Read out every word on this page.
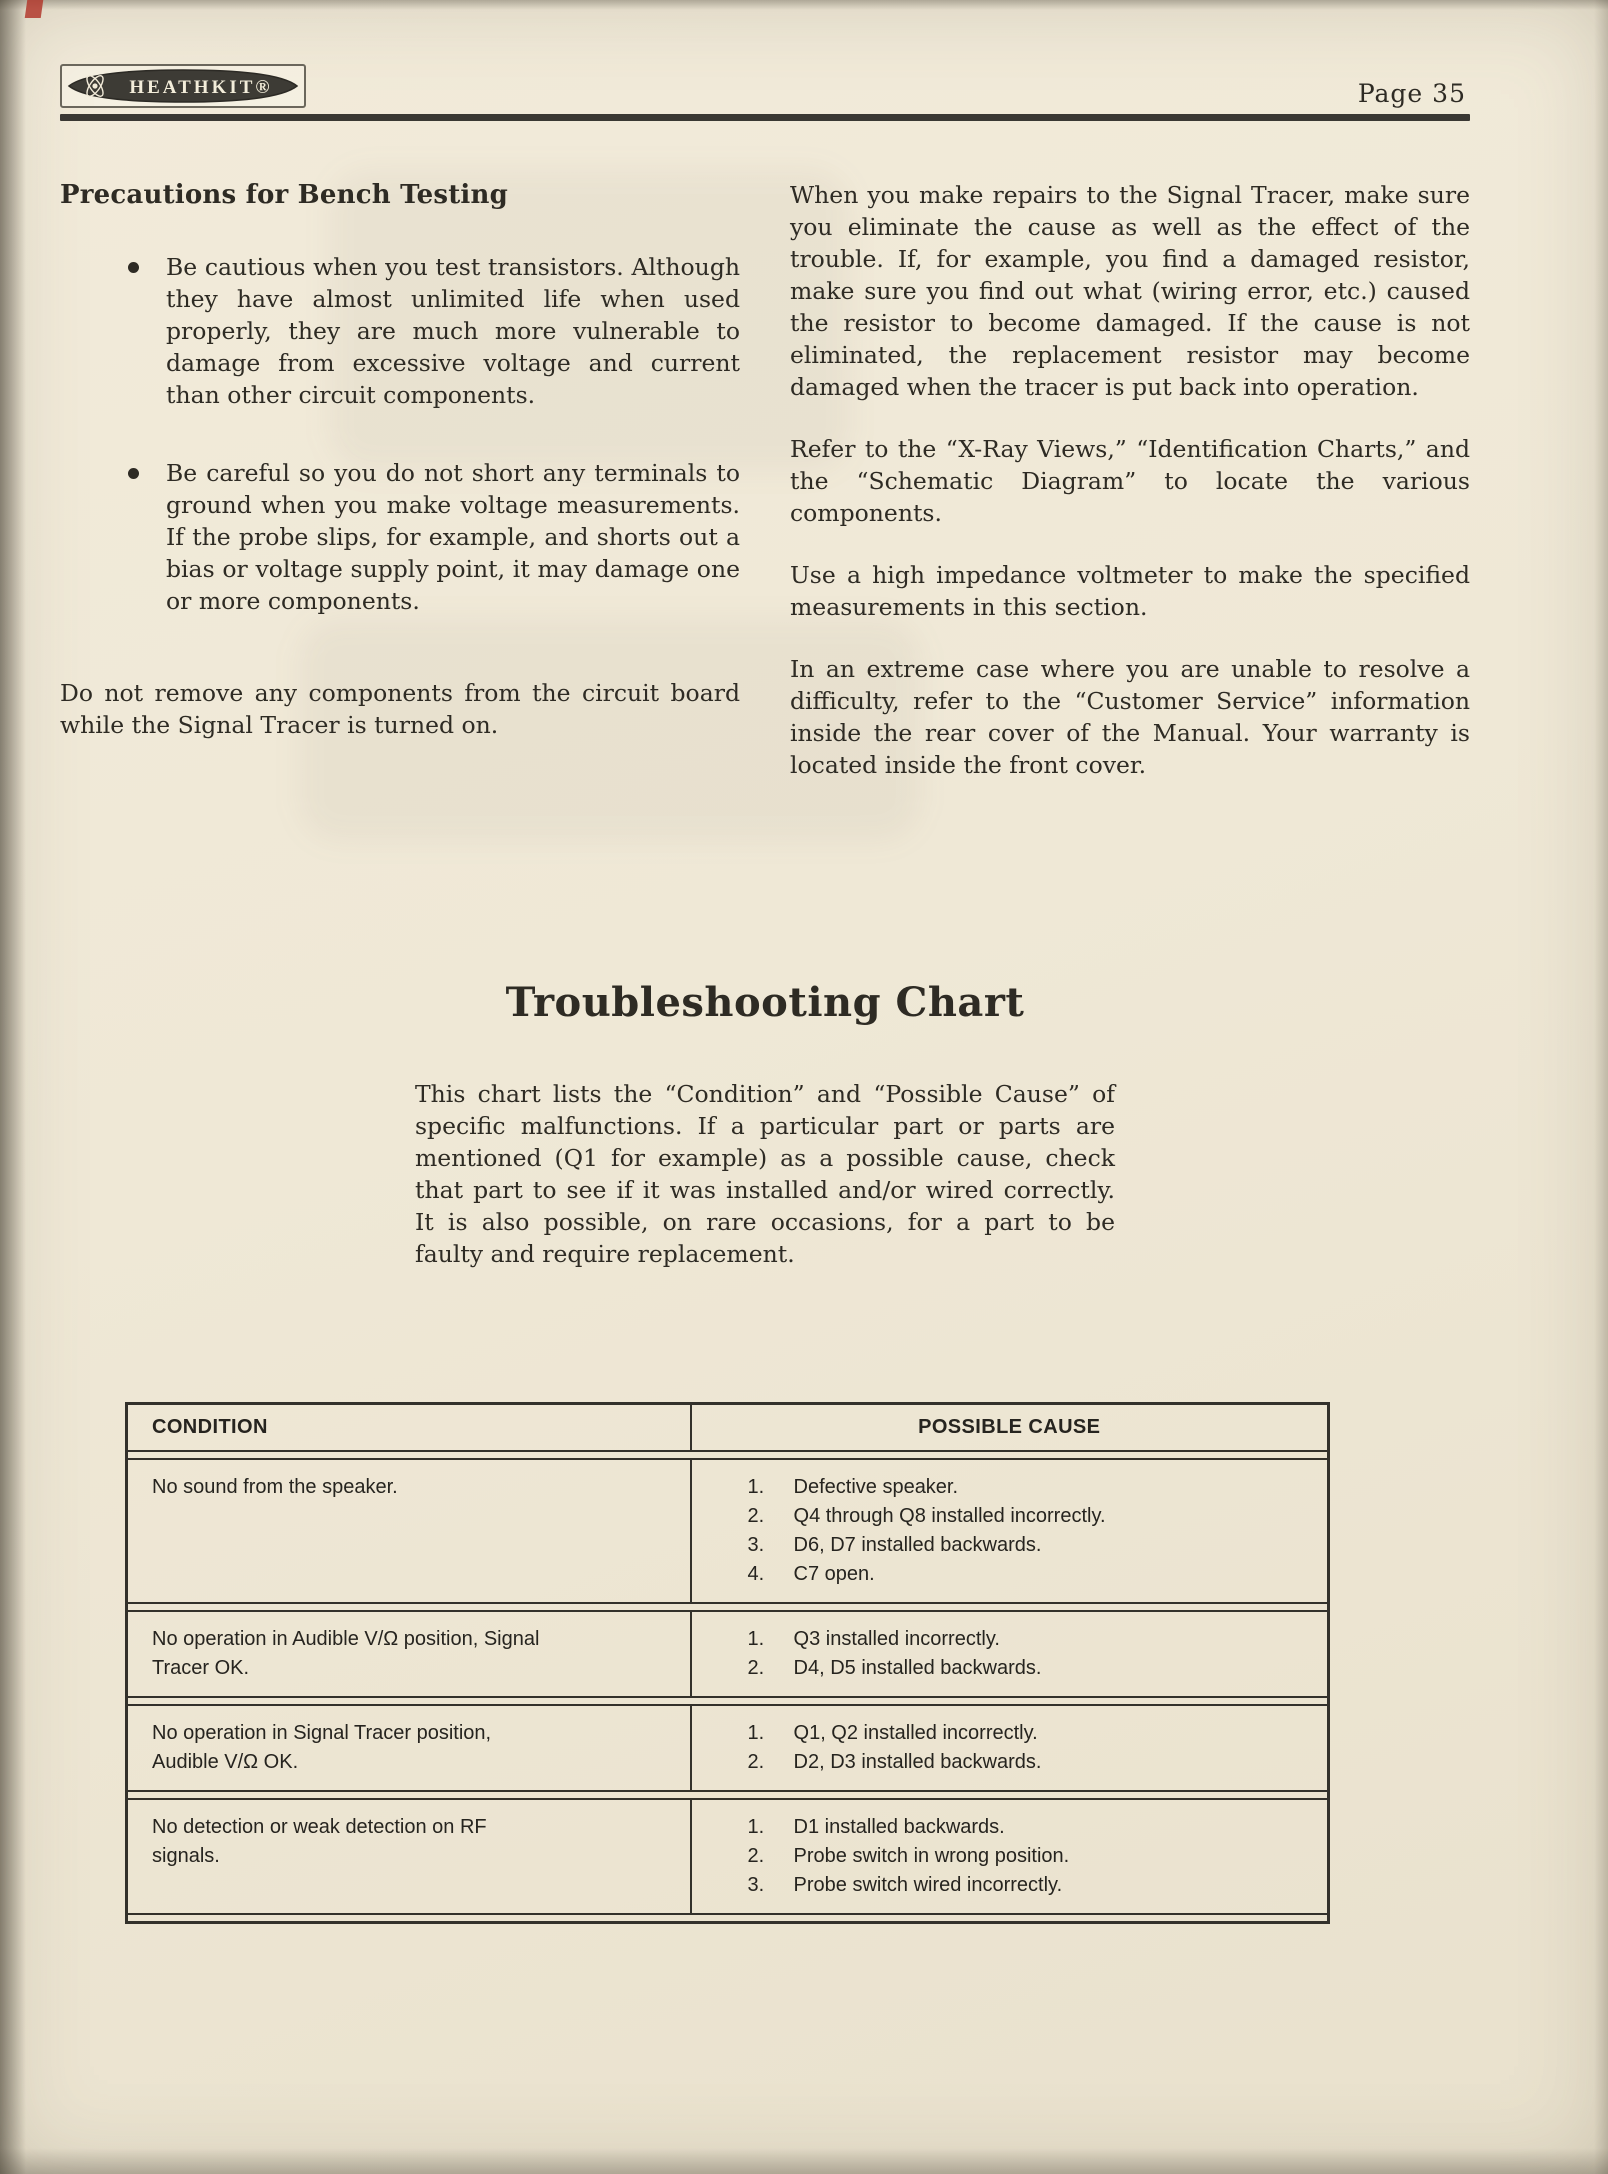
HEATHKIT®	Page 35
Precautions for Bench Testing
Be cautious when you test transistors. Although they have almost unlimited life when used properly, they are much more vulnerable to damage from excessive voltage and current than other circuit components.
Be careful so you do not short any terminals to ground when you make voltage measurements. If the probe slips, for example, and shorts out a bias or voltage supply point, it may damage one or more components.

Do not remove any components from the circuit board while the Signal Tracer is turned on.

When you make repairs to the Signal Tracer, make sure you eliminate the cause as well as the effect of the trouble. If, for example, you find a damaged resistor, make sure you find out what (wiring error, etc.) caused the resistor to become damaged. If the cause is not eliminated, the replacement resistor may become damaged when the tracer is put back into operation.

Refer to the “X-Ray Views,” “Identification Charts,” and the “Schematic Diagram” to locate the various components.

Use a high impedance voltmeter to make the specified measurements in this section.

In an extreme case where you are unable to resolve a difficulty, refer to the “Customer Service” information inside the rear cover of the Manual. Your warranty is located inside the front cover.

Troubleshooting Chart

This chart lists the “Condition” and “Possible Cause” of specific malfunctions. If a particular part or parts are mentioned (Q1 for example) as a possible cause, check that part to see if it was installed and/or wired correctly. It is also possible, on rare occasions, for a part to be faulty and require replacement.

CONDITION	POSSIBLE CAUSE
No sound from the speaker.	1.	Defective speaker.
2.	Q4 through Q8 installed incorrectly.
3.	D6, D7 installed backwards.
4.	C7 open.
No operation in Audible V/Ω position, Signal Tracer OK.
1.	Q3 installed incorrectly.
2.	D4, D5 installed backwards.
No operation in Signal Tracer position, Audible V/Ω OK.
1.	Q1, Q2 installed incorrectly.
2.	D2, D3 installed backwards.
No detection or weak detection on RF signals.
1.	D1 installed backwards.
2.	Probe switch in wrong position.
3.	Probe switch wired incorrectly.
